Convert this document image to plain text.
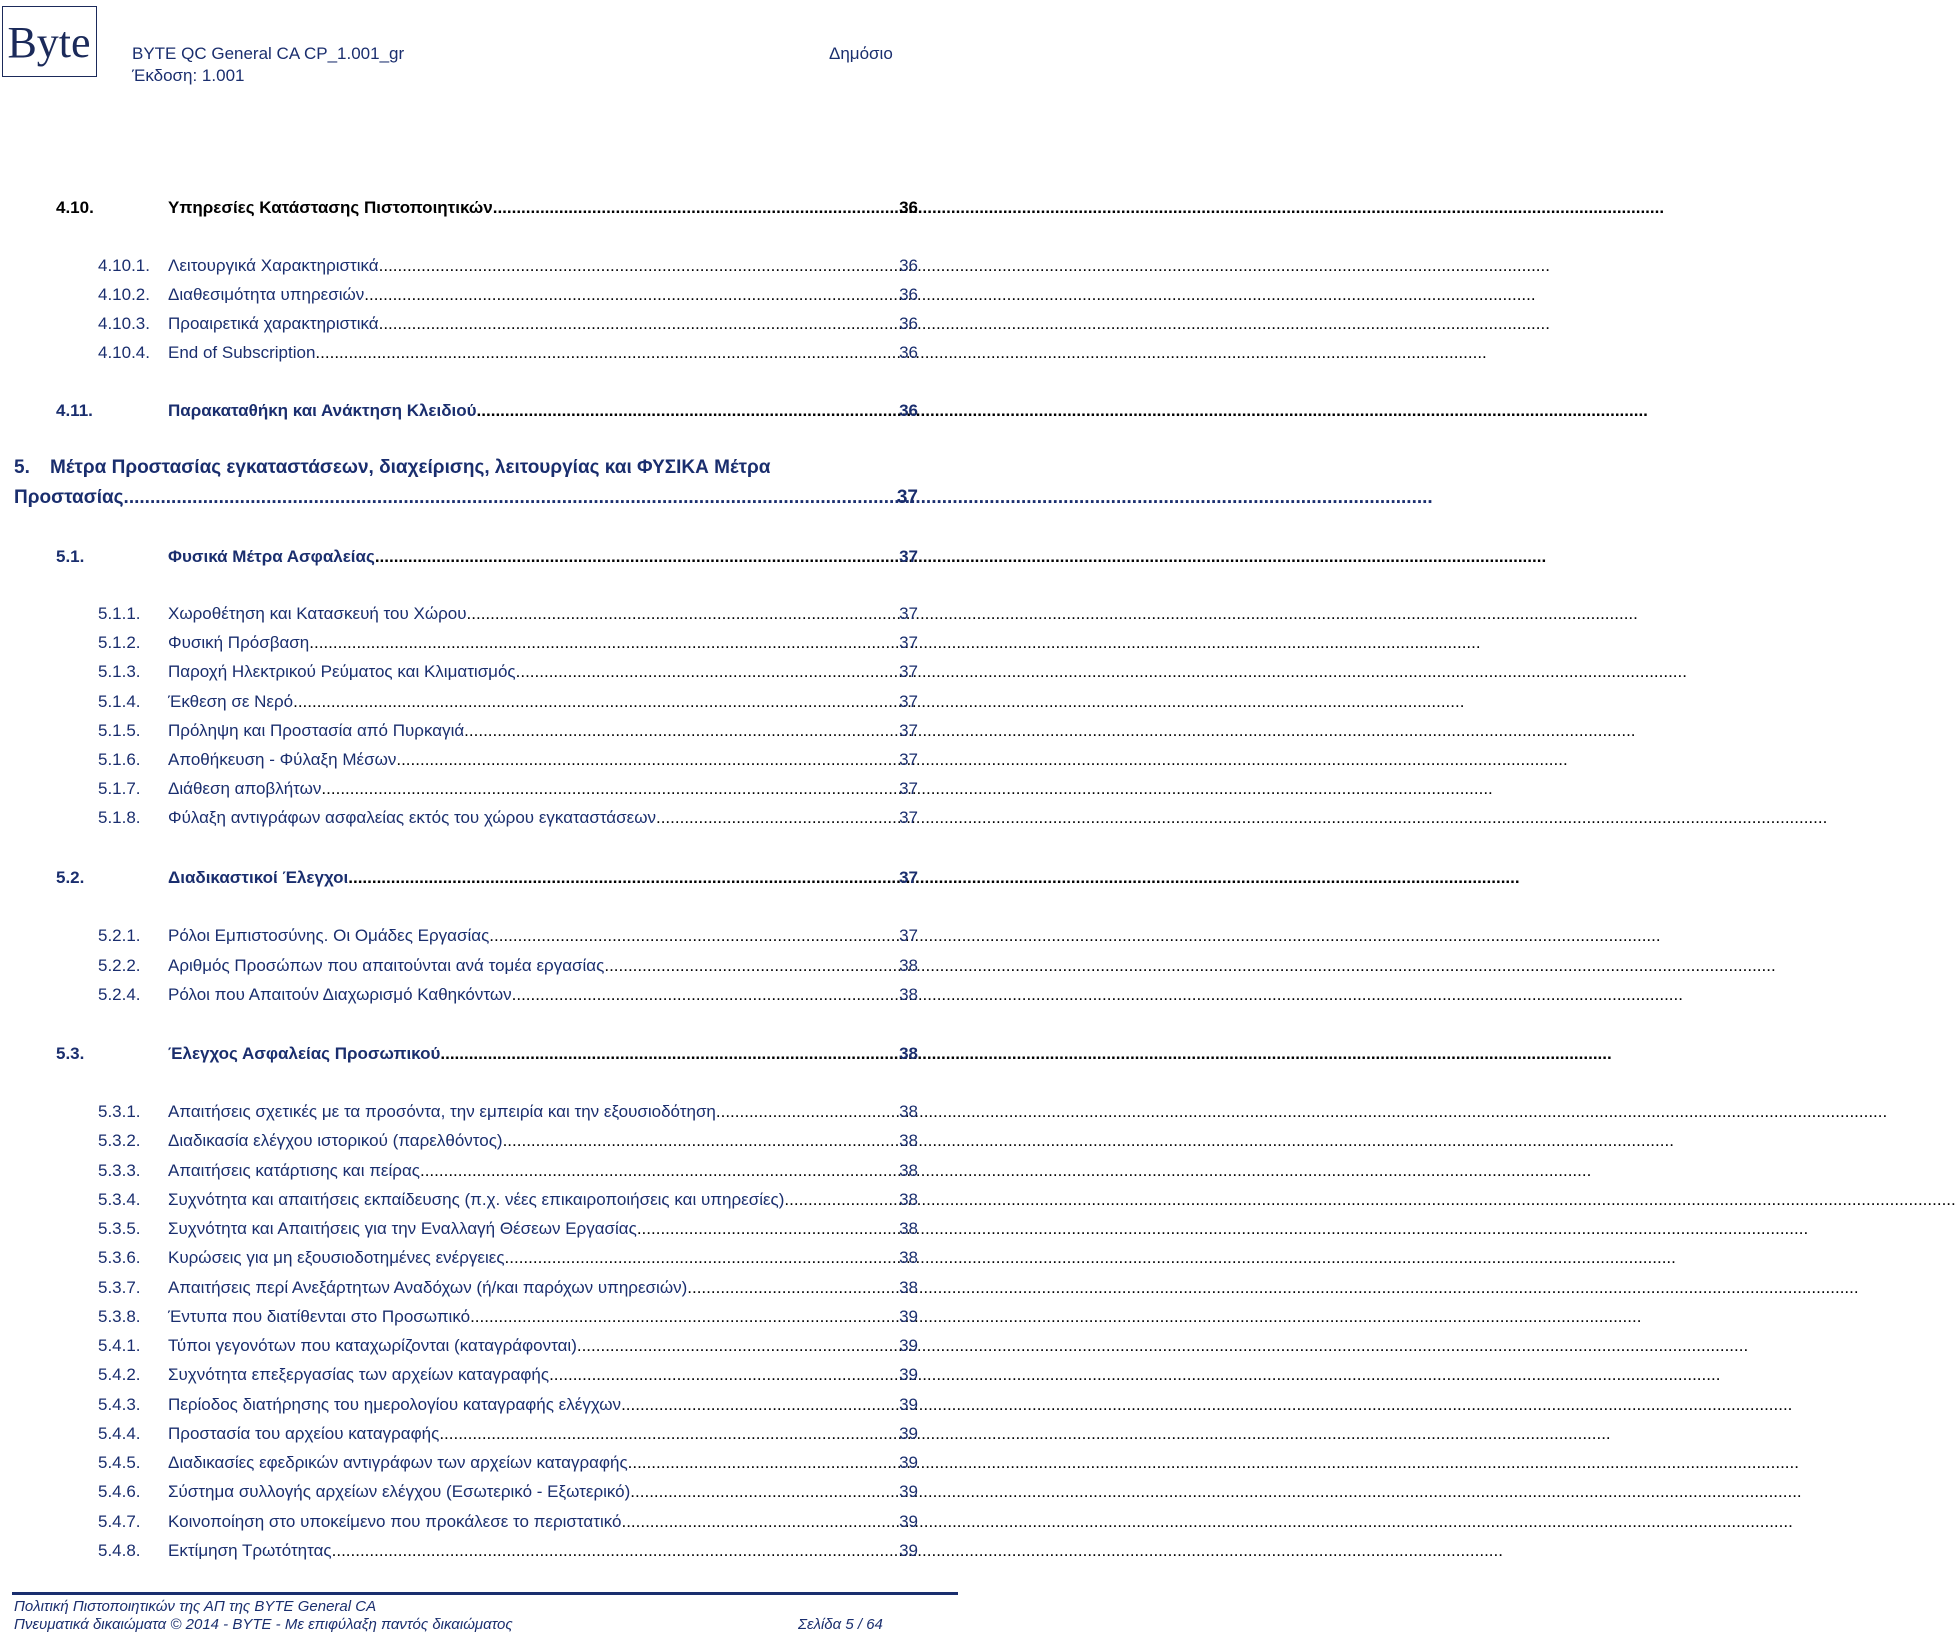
Byte BYTE QC General CA CP_1.001_gr
Έκδοση: 1.001
Δημόσιο
4.10.	Υπηρεσίες Κατάστασης Πιστοποιητικών .....	36
4.10.1.	Λειτουργικά Χαρακτηριστικά .....	36
4.10.2.	Διαθεσιμότητα υπηρεσιών .....	36
4.10.3.	Προαιρετικά χαρακτηριστικά .....	36
4.10.4.	End of Subscription .....	36
4.11.	Παρακαταθήκη και Ανάκτηση Κλειδιού .....	36
5. Μέτρα Προστασίας εγκαταστάσεων, διαχείρισης, λειτουργίας και ΦΥΣΙΚΑ Μέτρα
Προστασίας .....	37
5.1.	Φυσικά Μέτρα Ασφαλείας .....	37
5.1.1.	Χωροθέτηση και Κατασκευή του Χώρου .....	37
5.1.2.	Φυσική Πρόσβαση .....	37
5.1.3.	Παροχή Ηλεκτρικού Ρεύματος και Κλιματισμός .....	37
5.1.4.	Έκθεση σε Νερό .....	37
5.1.5.	Πρόληψη και Προστασία από Πυρκαγιά .....	37
5.1.6.	Αποθήκευση - Φύλαξη Μέσων .....	37
5.1.7.	Διάθεση αποβλήτων .....	37
5.1.8.	Φύλαξη αντιγράφων ασφαλείας εκτός του χώρου εγκαταστάσεων .....	37
5.2.	Διαδικαστικοί Έλεγχοι .....	37
5.2.1.	Ρόλοι Εμπιστοσύνης. Οι Ομάδες Εργασίας .....	37
5.2.2.	Αριθμός Προσώπων που απαιτούνται ανά τομέα εργασίας .....	38
5.2.4.	Ρόλοι που Απαιτούν Διαχωρισμό Καθηκόντων .....	38
5.3.	Έλεγχος Ασφαλείας Προσωπικού .....	38
5.3.1.	Απαιτήσεις σχετικές με τα προσόντα, την εμπειρία και την εξουσιοδότηση .....	38
5.3.2.	Διαδικασία ελέγχου ιστορικού (παρελθόντος) .....	38
5.3.3.	Απαιτήσεις κατάρτισης και πείρας .....	38
5.3.4.	Συχνότητα και απαιτήσεις εκπαίδευσης (π.χ. νέες επικαιροποιήσεις και υπηρεσίες) .....	38
5.3.5.	Συχνότητα και Απαιτήσεις για την Εναλλαγή Θέσεων Εργασίας .....	38
5.3.6.	Κυρώσεις για μη εξουσιοδοτημένες ενέργειες .....	38
5.3.7.	Απαιτήσεις περί Ανεξάρτητων Αναδόχων (ή/και παρόχων υπηρεσιών) .....	38
5.3.8.	Έντυπα που διατίθενται στο Προσωπικό .....	39
5.4.1.	Τύποι γεγονότων που καταχωρίζονται (καταγράφονται) .....	39
5.4.2.	Συχνότητα επεξεργασίας των αρχείων καταγραφής .....	39
5.4.3.	Περίοδος διατήρησης του ημερολογίου καταγραφής ελέγχων .....	39
5.4.4.	Προστασία του αρχείου καταγραφής .....	39
5.4.5.	Διαδικασίες εφεδρικών αντιγράφων των αρχείων καταγραφής .....	39
5.4.6.	Σύστημα συλλογής αρχείων ελέγχου (Εσωτερικό - Εξωτερικό) .....	39
5.4.7.	Κοινοποίηση στο υποκείμενο που προκάλεσε το περιστατικό .....	39
5.4.8.	Εκτίμηση Τρωτότητας .....	39
Πολιτική Πιστοποιητικών της ΑΠ της BYTE General CA
Πνευματικά δικαιώματα © 2014 - BYTE - Με επιφύλαξη παντός δικαιώματος	Σελίδα 5 / 64
